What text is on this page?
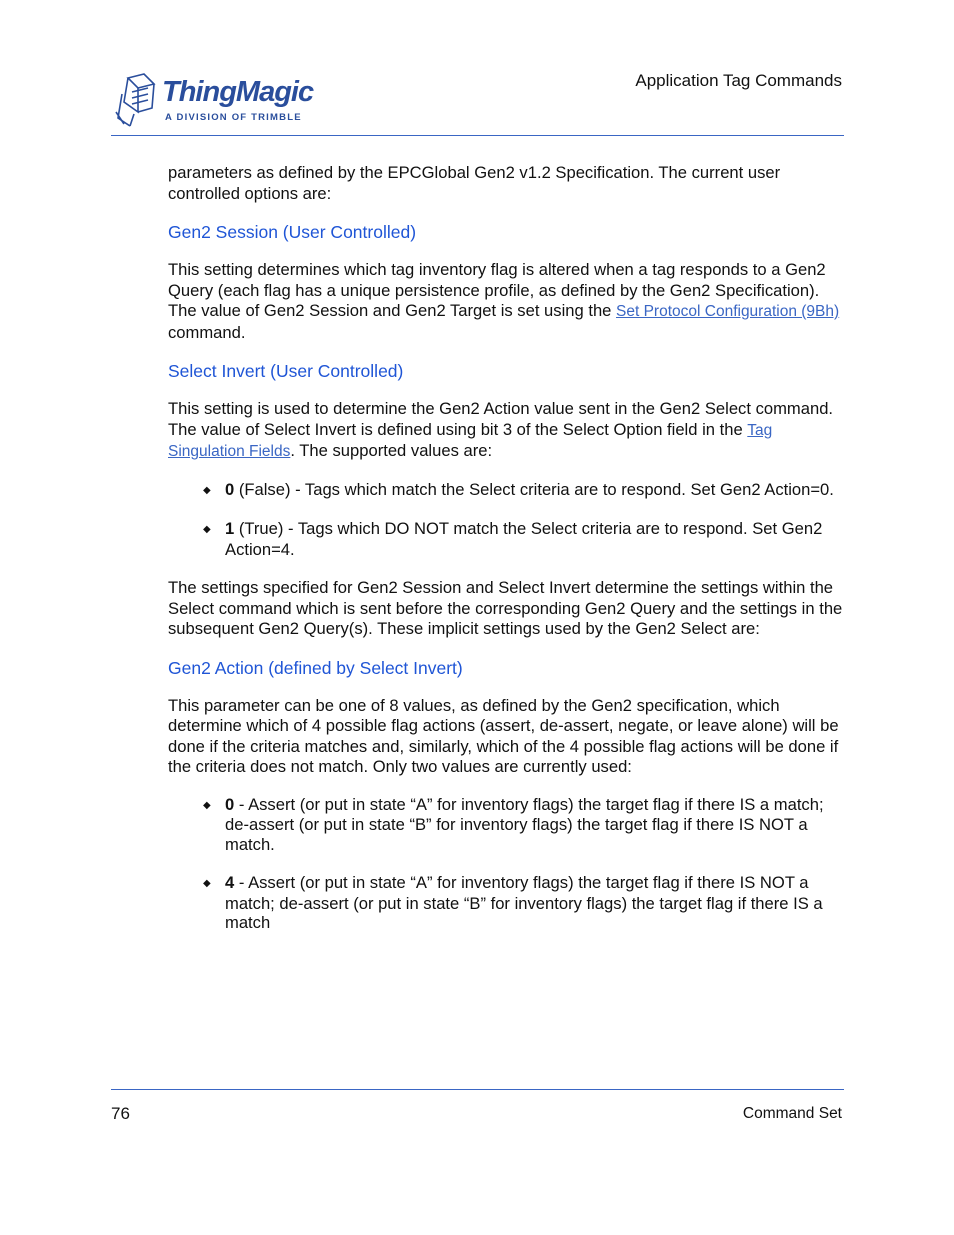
ThingMagic
A DIVISION OF TRIMBLE
Application Tag Commands

parameters as defined by the EPCGlobal Gen2 v1.2 Specification. The current user controlled options are:

Gen2 Session (User Controlled)

This setting determines which tag inventory flag is altered when a tag responds to a Gen2 Query (each flag has a unique persistence profile, as defined by the Gen2 Specification). The value of Gen2 Session and Gen2 Target is set using the Set Protocol Configuration (9Bh) command.

Select Invert (User Controlled)

This setting is used to determine the Gen2 Action value sent in the Gen2 Select command. The value of Select Invert is defined using bit 3 of the Select Option field in the Tag Singulation Fields. The supported values are:

◆ 0 (False) - Tags which match the Select criteria are to respond. Set Gen2 Action=0.
◆ 1 (True) - Tags which DO NOT match the Select criteria are to respond. Set Gen2 Action=4.

The settings specified for Gen2 Session and Select Invert determine the settings within the Select command which is sent before the corresponding Gen2 Query and the settings in the subsequent Gen2 Query(s). These implicit settings used by the Gen2 Select are:

Gen2 Action (defined by Select Invert)

This parameter can be one of 8 values, as defined by the Gen2 specification, which determine which of 4 possible flag actions (assert, de-assert, negate, or leave alone) will be done if the criteria matches and, similarly, which of the 4 possible flag actions will be done if the criteria does not match. Only two values are currently used:

◆ 0 - Assert (or put in state “A” for inventory flags) the target flag if there IS a match; de-assert (or put in state “B” for inventory flags) the target flag if there IS NOT a match.
◆ 4 - Assert (or put in state “A” for inventory flags) the target flag if there IS NOT a match; de-assert (or put in state “B” for inventory flags) the target flag if there IS a match
76	Command Set
